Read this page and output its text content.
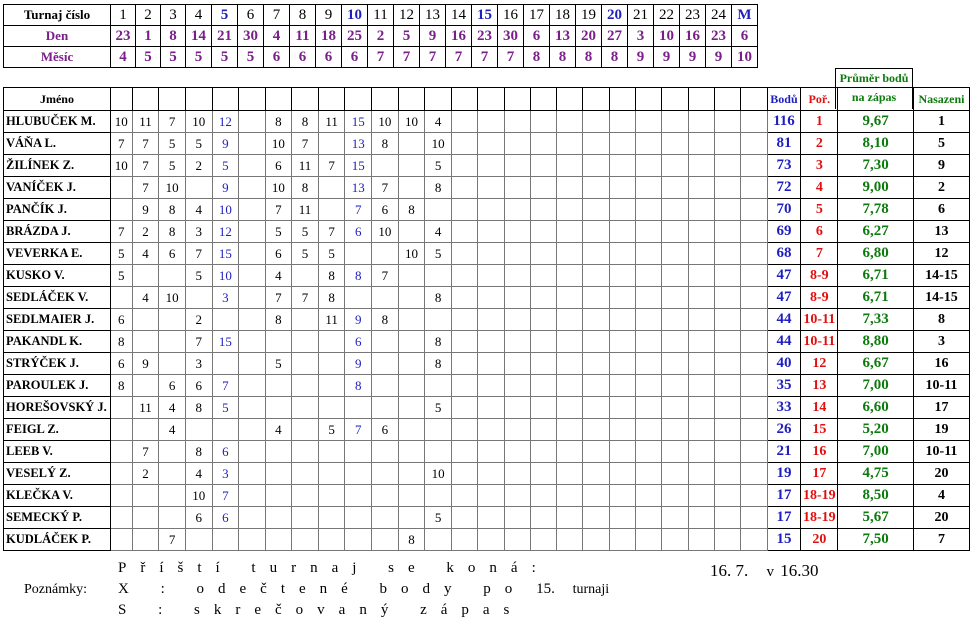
Turnaj číslo	1	2	3	4	5	6	7	8	9	10	11	12	13	14	15	16	17	18	19	20	21	22	23	24	M
Den	23	1	8	14	21	30	4	11	18	25	2	5	9	16	23	30	6	13	20	27	3	10	16	23	6
Měsíc	4	5	5	5	5	5	6	6	6	6	7	7	7	7	7	7	8	8	8	8	9	9	9	9	10
Průměr bodů
na zápas
Jméno																										Bodů	Poř.		Nasazeni
HLUBUČEK M.	10	11	7	10	12		8	8	11	15	10	10	4													116	1	9,67	1
VÁŇA L.	7	7	5	5	9		10	7		13	8		10													81	2	8,10	5
ŽILÍNEK Z.	10	7	5	2	5		6	11	7	15			5													73	3	7,30	9
VANÍČEK J.		7	10		9		10	8		13	7		8													72	4	9,00	2
PANČÍK J.		9	8	4	10		7	11		7	6	8														70	5	7,78	6
BRÁZDA J.	7	2	8	3	12		5	5	7	6	10		4													69	6	6,27	13
VEVERKA E.	5	4	6	7	15		6	5	5			10	5													68	7	6,80	12
KUSKO V.	5			5	10		4		8	8	7															47	8-9	6,71	14-15
SEDLÁČEK V.		4	10		3		7	7	8				8													47	8-9	6,71	14-15
SEDLMAIER J.	6			2			8		11	9	8															44	10-11	7,33	8
PAKANDL K.	8			7	15					6			8													44	10-11	8,80	3
STRÝČEK J.	6	9		3			5			9			8													40	12	6,67	16
PAROULEK J.	8		6	6	7					8																35	13	7,00	10-11
HOREŠOVSKÝ J.		11	4	8	5								5													33	14	6,60	17
FEIGL Z.			4				4		5	7	6															26	15	5,20	19
LEEB V.		7		8	6																					21	16	7,00	10-11
VESELÝ Z.		2		4	3								10													19	17	4,75	20
KLEČKA V.				10	7																					17	18-19	8,50	4
SEMECKÝ P.				6	6								5													17	18-19	5,67	20
KUDLÁČEK P.			7									8														15	20	7,50	7
Příští turnaj se koná:	16. 7. v 16.30
Poznámky: X : odečtené body po 15. turnaji
S : skrečovaný zápas
